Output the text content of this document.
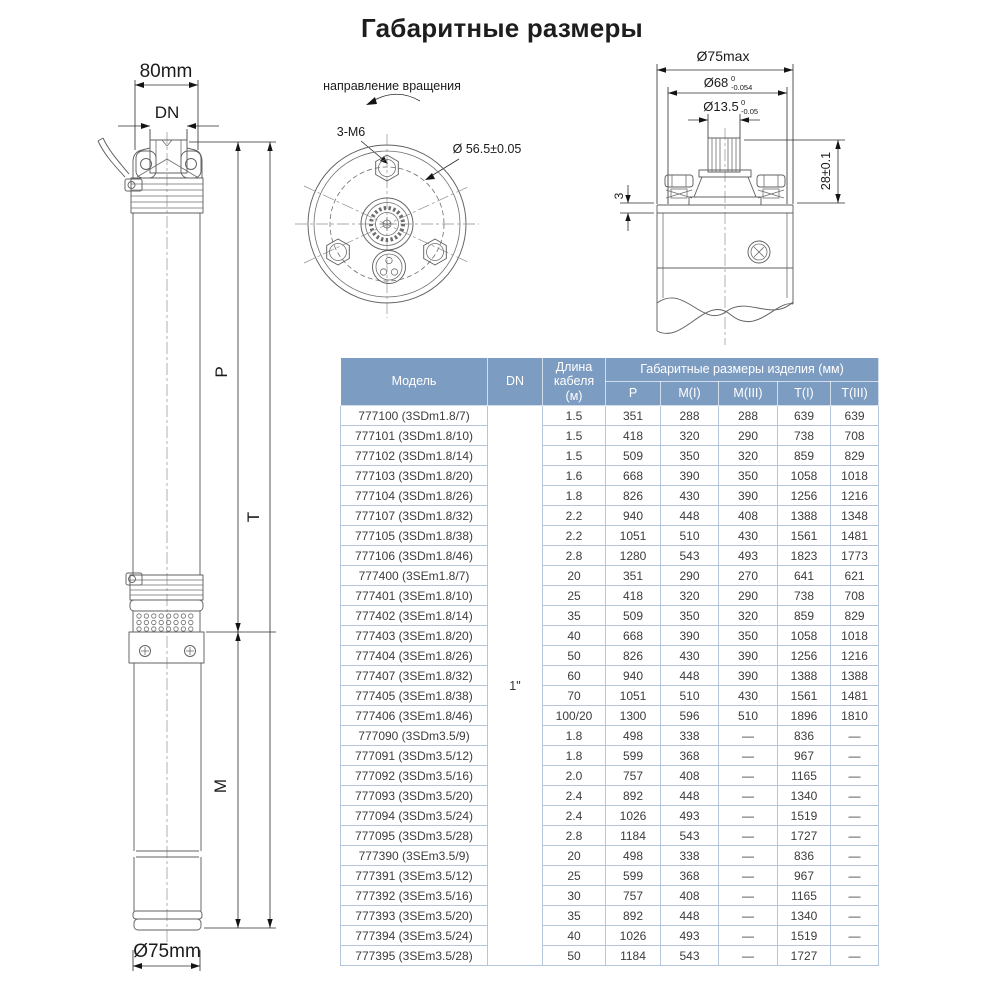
Габаритные размеры
80mm
DN
Ø75mm
P
M
T
направление вращения
3-M6
Ø 56.5±0.05
Ø75max
Ø68 0
-0.054
Ø13.5 0
-0.05
28±0.1
3
Модель	DN	Длина кабеля (м)	Габаритные размеры изделия (мм)				
			P	M(I)	M(III)	T(I)	T(III)
777100 (3SDm1.8/7)	1"	1.5	351	288	288	639	639
777101 (3SDm1.8/10)		1.5	418	320	290	738	708
777102 (3SDm1.8/14)		1.5	509	350	320	859	829
777103 (3SDm1.8/20)		1.6	668	390	350	1058	1018
777104 (3SDm1.8/26)		1.8	826	430	390	1256	1216
777107 (3SDm1.8/32)		2.2	940	448	408	1388	1348
777105 (3SDm1.8/38)		2.2	1051	510	430	1561	1481
777106 (3SDm1.8/46)		2.8	1280	543	493	1823	1773
777400 (3SEm1.8/7)		20	351	290	270	641	621
777401 (3SEm1.8/10)		25	418	320	290	738	708
777402 (3SEm1.8/14)		35	509	350	320	859	829
777403 (3SEm1.8/20)		40	668	390	350	1058	1018
777404 (3SEm1.8/26)		50	826	430	390	1256	1216
777407 (3SEm1.8/32)		60	940	448	390	1388	1388
777405 (3SEm1.8/38)		70	1051	510	430	1561	1481
777406 (3SEm1.8/46)		100/20	1300	596	510	1896	1810
777090 (3SDm3.5/9)		1.8	498	338	—	836	—
777091 (3SDm3.5/12)		1.8	599	368	—	967	—
777092 (3SDm3.5/16)		2.0	757	408	—	1165	—
777093 (3SDm3.5/20)		2.4	892	448	—	1340	—
777094 (3SDm3.5/24)		2.4	1026	493	—	1519	—
777095 (3SDm3.5/28)		2.8	1184	543	—	1727	—
777390 (3SEm3.5/9)		20	498	338	—	836	—
777391 (3SEm3.5/12)		25	599	368	—	967	—
777392 (3SEm3.5/16)		30	757	408	—	1165	—
777393 (3SEm3.5/20)		35	892	448	—	1340	—
777394 (3SEm3.5/24)		40	1026	493	—	1519	—
777395 (3SEm3.5/28)		50	1184	543	—	1727	—
